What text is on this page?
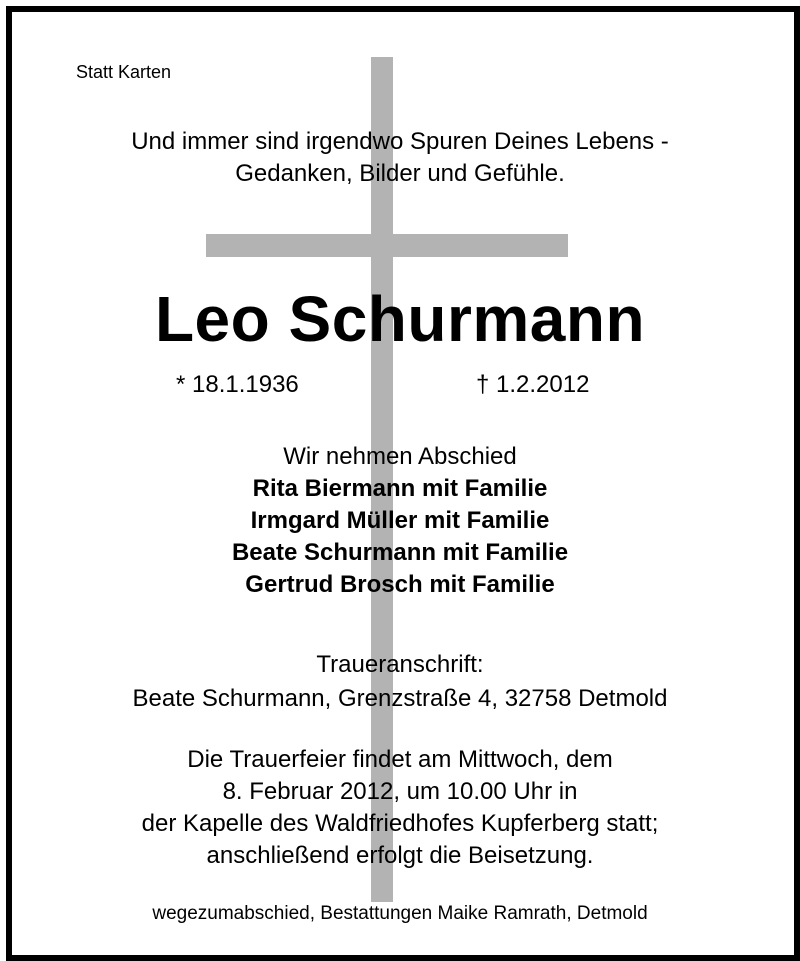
Statt Karten
Und immer sind irgendwo Spuren Deines Lebens -
Gedanken, Bilder und Gefühle.
Leo Schurmann
* 18.1.1936	† 1.2.2012
Wir nehmen Abschied
Rita Biermann mit Familie
Irmgard Müller mit Familie
Beate Schurmann mit Familie
Gertrud Brosch mit Familie
Traueranschrift:
Beate Schurmann, Grenzstraße 4, 32758 Detmold
Die Trauerfeier findet am Mittwoch, dem
8. Februar 2012, um 10.00 Uhr in
der Kapelle des Waldfriedhofes Kupferberg statt;
anschließend erfolgt die Beisetzung.
wegezumabschied, Bestattungen Maike Ramrath, Detmold
